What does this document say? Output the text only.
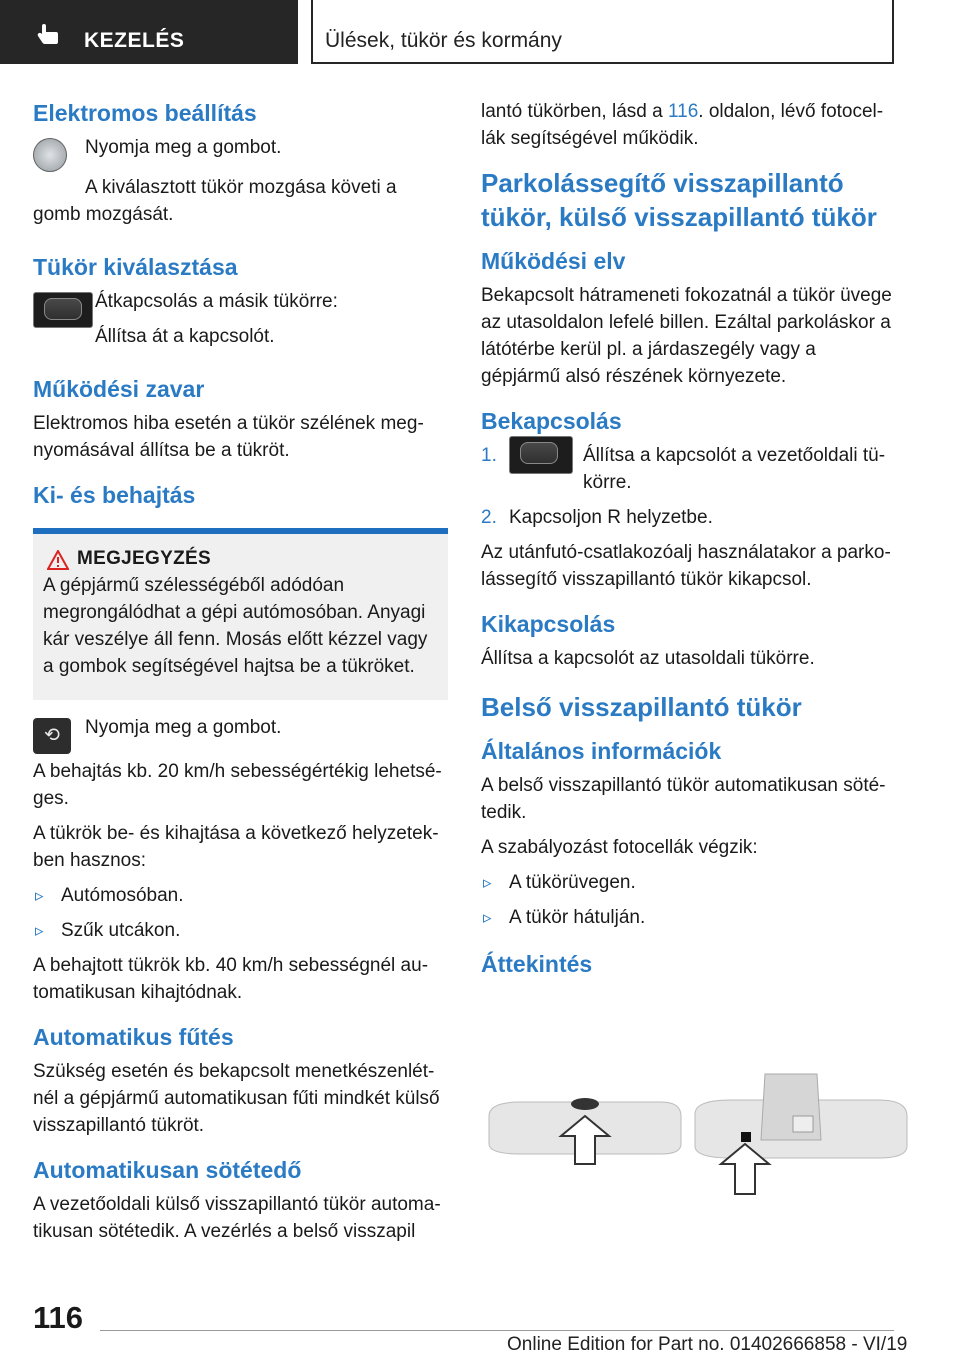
KEZELÉS	Ülések, tükör és kormány
Elektromos beállítás

Nyomja meg a gombot.

A kiválasztott tükör mozgása követi a gomb mozgását.

Tükör kiválasztása

Átkapcsolás a másik tükörre:

Állítsa át a kapcsolót.

Működési zavar

Elektromos hiba esetén a tükör szélének megnyomásával állítsa be a tükröt.

Ki- és behajtás
MEGJEGYZÉS

A gépjármű szélességéből adódóan megrongálódhat a gépi autómosóban. Anyagi kár veszélye áll fenn. Mosás előtt kézzel vagy a gombok segítségével hajtsa be a tükröket.

⟲	Nyomja meg a gombot.

A behajtás kb. 20 km/h sebességértékig lehetséges.

A tükrök be- és kihajtása a következő helyzetekben hasznos:

▹ Autómosóban.

▹ Szűk utcákon.

A behajtott tükrök kb. 40 km/h sebességnél automatikusan kihajtódnak.

Automatikus fűtés

Szükség esetén és bekapcsolt menetkészenlétnél a gépjármű automatikusan fűti mindkét külső visszapillantó tükröt.

Automatikusan sötétedő

A vezetőoldali külső visszapillantó tükör automatikusan sötétedik. A vezérlés a belső visszapil

lantó tükörben, lásd a 116. oldalon, lévő fotocellák segítségével működik.

Parkolássegítő visszapillantó tükör, külső visszapillantó tükör
Működési elv

Bekapcsolt hátrameneti fokozatnál a tükör üvege az utasoldalon lefelé billen. Ezáltal parkoláskor a látótérbe kerül pl. a járdaszegély vagy a gépjármű alsó részének környezete.

Bekapcsolás
1.	Állítsa a kapcsolót a vezetőoldali tükörre.

2. Kapcsoljon R helyzetbe.

Az utánfutó-csatlakozóalj használatakor a parkolássegítő visszapillantó tükör kikapcsol.

Kikapcsolás

Állítsa a kapcsolót az utasoldali tükörre.

Belső visszapillantó tükör
Általános információk

A belső visszapillantó tükör automatikusan sötétedik.

A szabályozást fotocellák végzik:

▹ A tükörüvegen.

▹ A tükör hátulján.

Áttekintés
116
Online Edition for Part no. 01402666858 - VI/19
